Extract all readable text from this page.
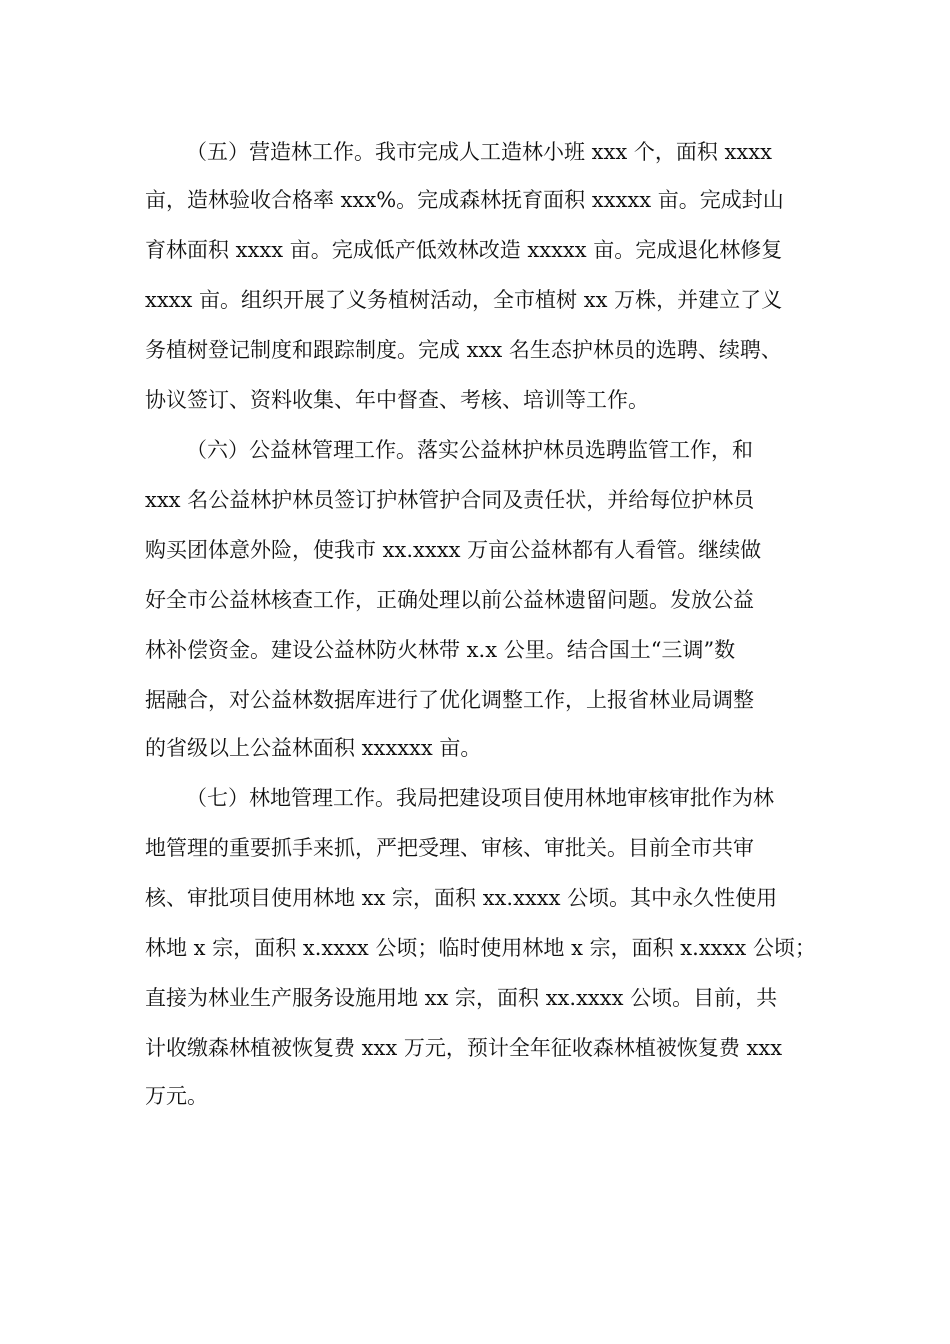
（五）营造林工作。我市完成人工造林小班 xxx 个，面积 xxxx
亩，造林验收合格率 xxx%。完成森林抚育面积 xxxxx 亩。完成封山
育林面积 xxxx 亩。完成低产低效林改造 xxxxx 亩。完成退化林修复
xxxx 亩。组织开展了义务植树活动，全市植树 xx 万株，并建立了义
务植树登记制度和跟踪制度。完成 xxx 名生态护林员的选聘、续聘、
协议签订、资料收集、年中督查、考核、培训等工作。
（六）公益林管理工作。落实公益林护林员选聘监管工作，和
xxx 名公益林护林员签订护林管护合同及责任状，并给每位护林员
购买团体意外险，使我市 xx.xxxx 万亩公益林都有人看管。继续做
好全市公益林核查工作，正确处理以前公益林遗留问题。发放公益
林补偿资金。建设公益林防火林带 x.x 公里。结合国土“三调”数
据融合，对公益林数据库进行了优化调整工作，上报省林业局调整
的省级以上公益林面积 xxxxxx 亩。
（七）林地管理工作。我局把建设项目使用林地审核审批作为林
地管理的重要抓手来抓，严把受理、审核、审批关。目前全市共审
核、审批项目使用林地 xx 宗，面积 xx.xxxx 公顷。其中永久性使用
林地 x 宗，面积 x.xxxx 公顷；临时使用林地 x 宗，面积 x.xxxx 公顷；
直接为林业生产服务设施用地 xx 宗，面积 xx.xxxx 公顷。目前，共
计收缴森林植被恢复费 xxx 万元，预计全年征收森林植被恢复费 xxx
万元。
